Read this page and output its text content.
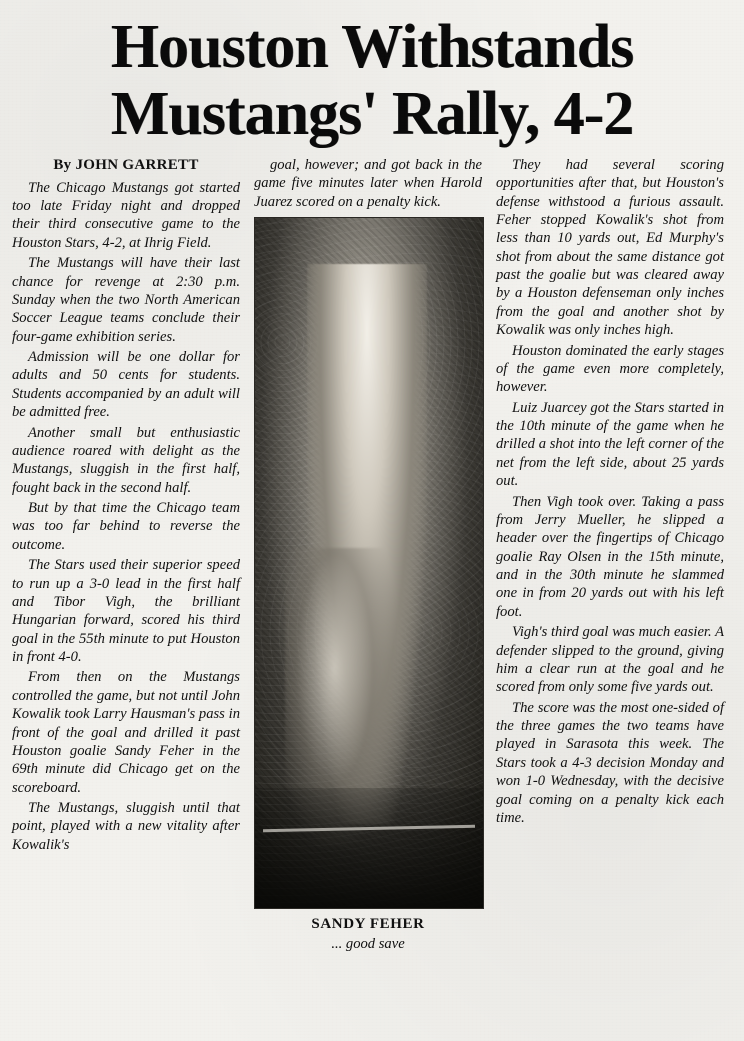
Houston Withstands
Mustangs' Rally, 4-2
By JOHN GARRETT

The Chicago Mustangs got started too late Friday night and dropped their third consecutive game to the Houston Stars, 4-2, at Ihrig Field.

The Mustangs will have their last chance for revenge at 2:30 p.m. Sunday when the two North American Soccer League teams conclude their four-game exhibition series.

Admission will be one dollar for adults and 50 cents for students. Students accompanied by an adult will be admitted free.

Another small but enthusiastic audience roared with delight as the Mustangs, sluggish in the first half, fought back in the second half.

But by that time the Chicago team was too far behind to reverse the outcome.

The Stars used their superior speed to run up a 3-0 lead in the first half and Tibor Vigh, the brilliant Hungarian forward, scored his third goal in the 55th minute to put Houston in front 4-0.

From then on the Mustangs controlled the game, but not until John Kowalik took Larry Hausman's pass in front of the goal and drilled it past Houston goalie Sandy Feher in the 69th minute did Chicago get on the scoreboard.

The Mustangs, sluggish until that point, played with a new vitality after Kowalik's

goal, however; and got back in the game five minutes later when Harold Juarez scored on a penalty kick.

SANDY FEHER
... good save

They had several scoring opportunities after that, but Houston's defense withstood a furious assault. Feher stopped Kowalik's shot from less than 10 yards out, Ed Murphy's shot from about the same distance got past the goalie but was cleared away by a Houston defenseman only inches from the goal and another shot by Kowalik was only inches high.

Houston dominated the early stages of the game even more completely, however.

Luiz Juarcey got the Stars started in the 10th minute of the game when he drilled a shot into the left corner of the net from the left side, about 25 yards out.

Then Vigh took over. Taking a pass from Jerry Mueller, he slipped a header over the fingertips of Chicago goalie Ray Olsen in the 15th minute, and in the 30th minute he slammed one in from 20 yards out with his left foot.

Vigh's third goal was much easier. A defender slipped to the ground, giving him a clear run at the goal and he scored from only some five yards out.

The score was the most one-sided of the three games the two teams have played in Sarasota this week. The Stars took a 4-3 decision Monday and won 1-0 Wednesday, with the decisive goal coming on a penalty kick each time.
